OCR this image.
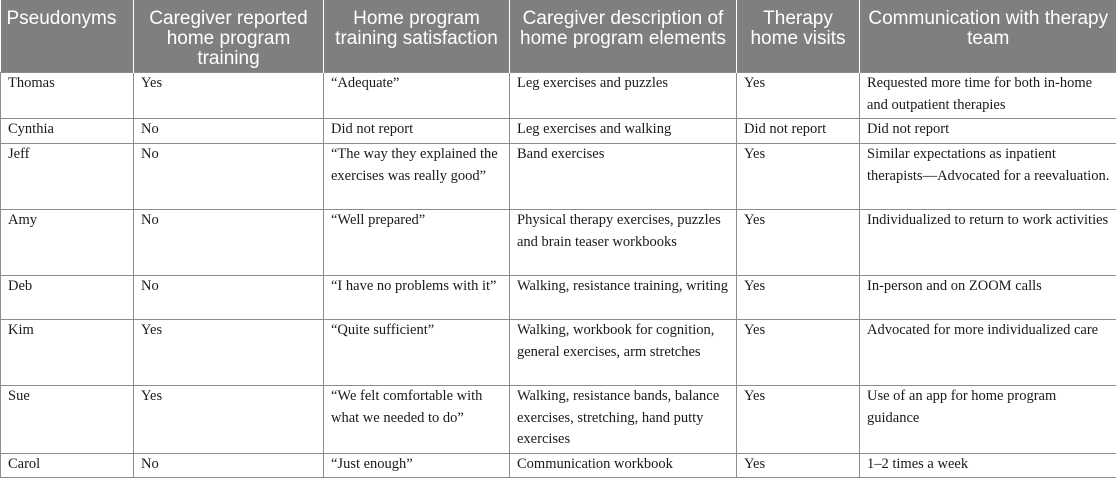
Pseudonyms	Caregiver reported home program training	Home program training satisfaction	Caregiver description of home program elements	Therapy home visits	Communication with therapy team
Thomas	Yes	“Adequate”	Leg exercises and puzzles	Yes	Requested more time for both in-home and outpatient therapies
Cynthia	No	Did not report	Leg exercises and walking	Did not report	Did not report
Jeff	No	“The way they explained the exercises was really good”	Band exercises	Yes	Similar expectations as inpatient therapists—Advocated for a reevaluation.
Amy	No	“Well prepared”	Physical therapy exercises, puzzles and brain teaser workbooks	Yes	Individualized to return to work activities
Deb	No	“I have no problems with it”	Walking, resistance training, writing	Yes	In-person and on ZOOM calls
Kim	Yes	“Quite sufficient”	Walking, workbook for cognition, general exercises, arm stretches	Yes	Advocated for more individualized care
Sue	Yes	“We felt comfortable with what we needed to do”	Walking, resistance bands, balance exercises, stretching, hand putty exercises	Yes	Use of an app for home program guidance
Carol	No	“Just enough”	Communication workbook	Yes	1–2 times a week
